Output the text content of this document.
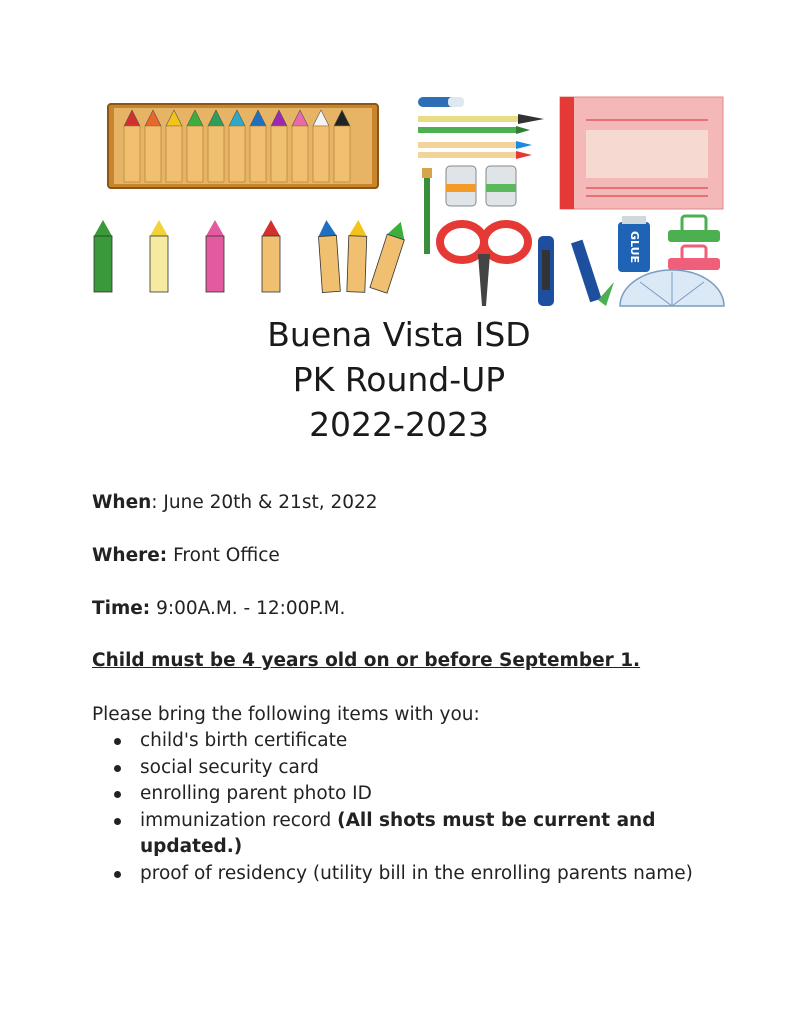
GLUE
Buena Vista ISD
PK Round-UP
2022-2023
When: June 20th & 21st, 2022
Where: Front Office
Time: 9:00A.M. - 12:00P.M.
Child must be 4 years old on or before September 1.
Please bring the following items with you:
child's birth certificate
social security card
enrolling parent photo ID
immunization record (All shots must be current and updated.)
proof of residency (utility bill in the enrolling parents name)
